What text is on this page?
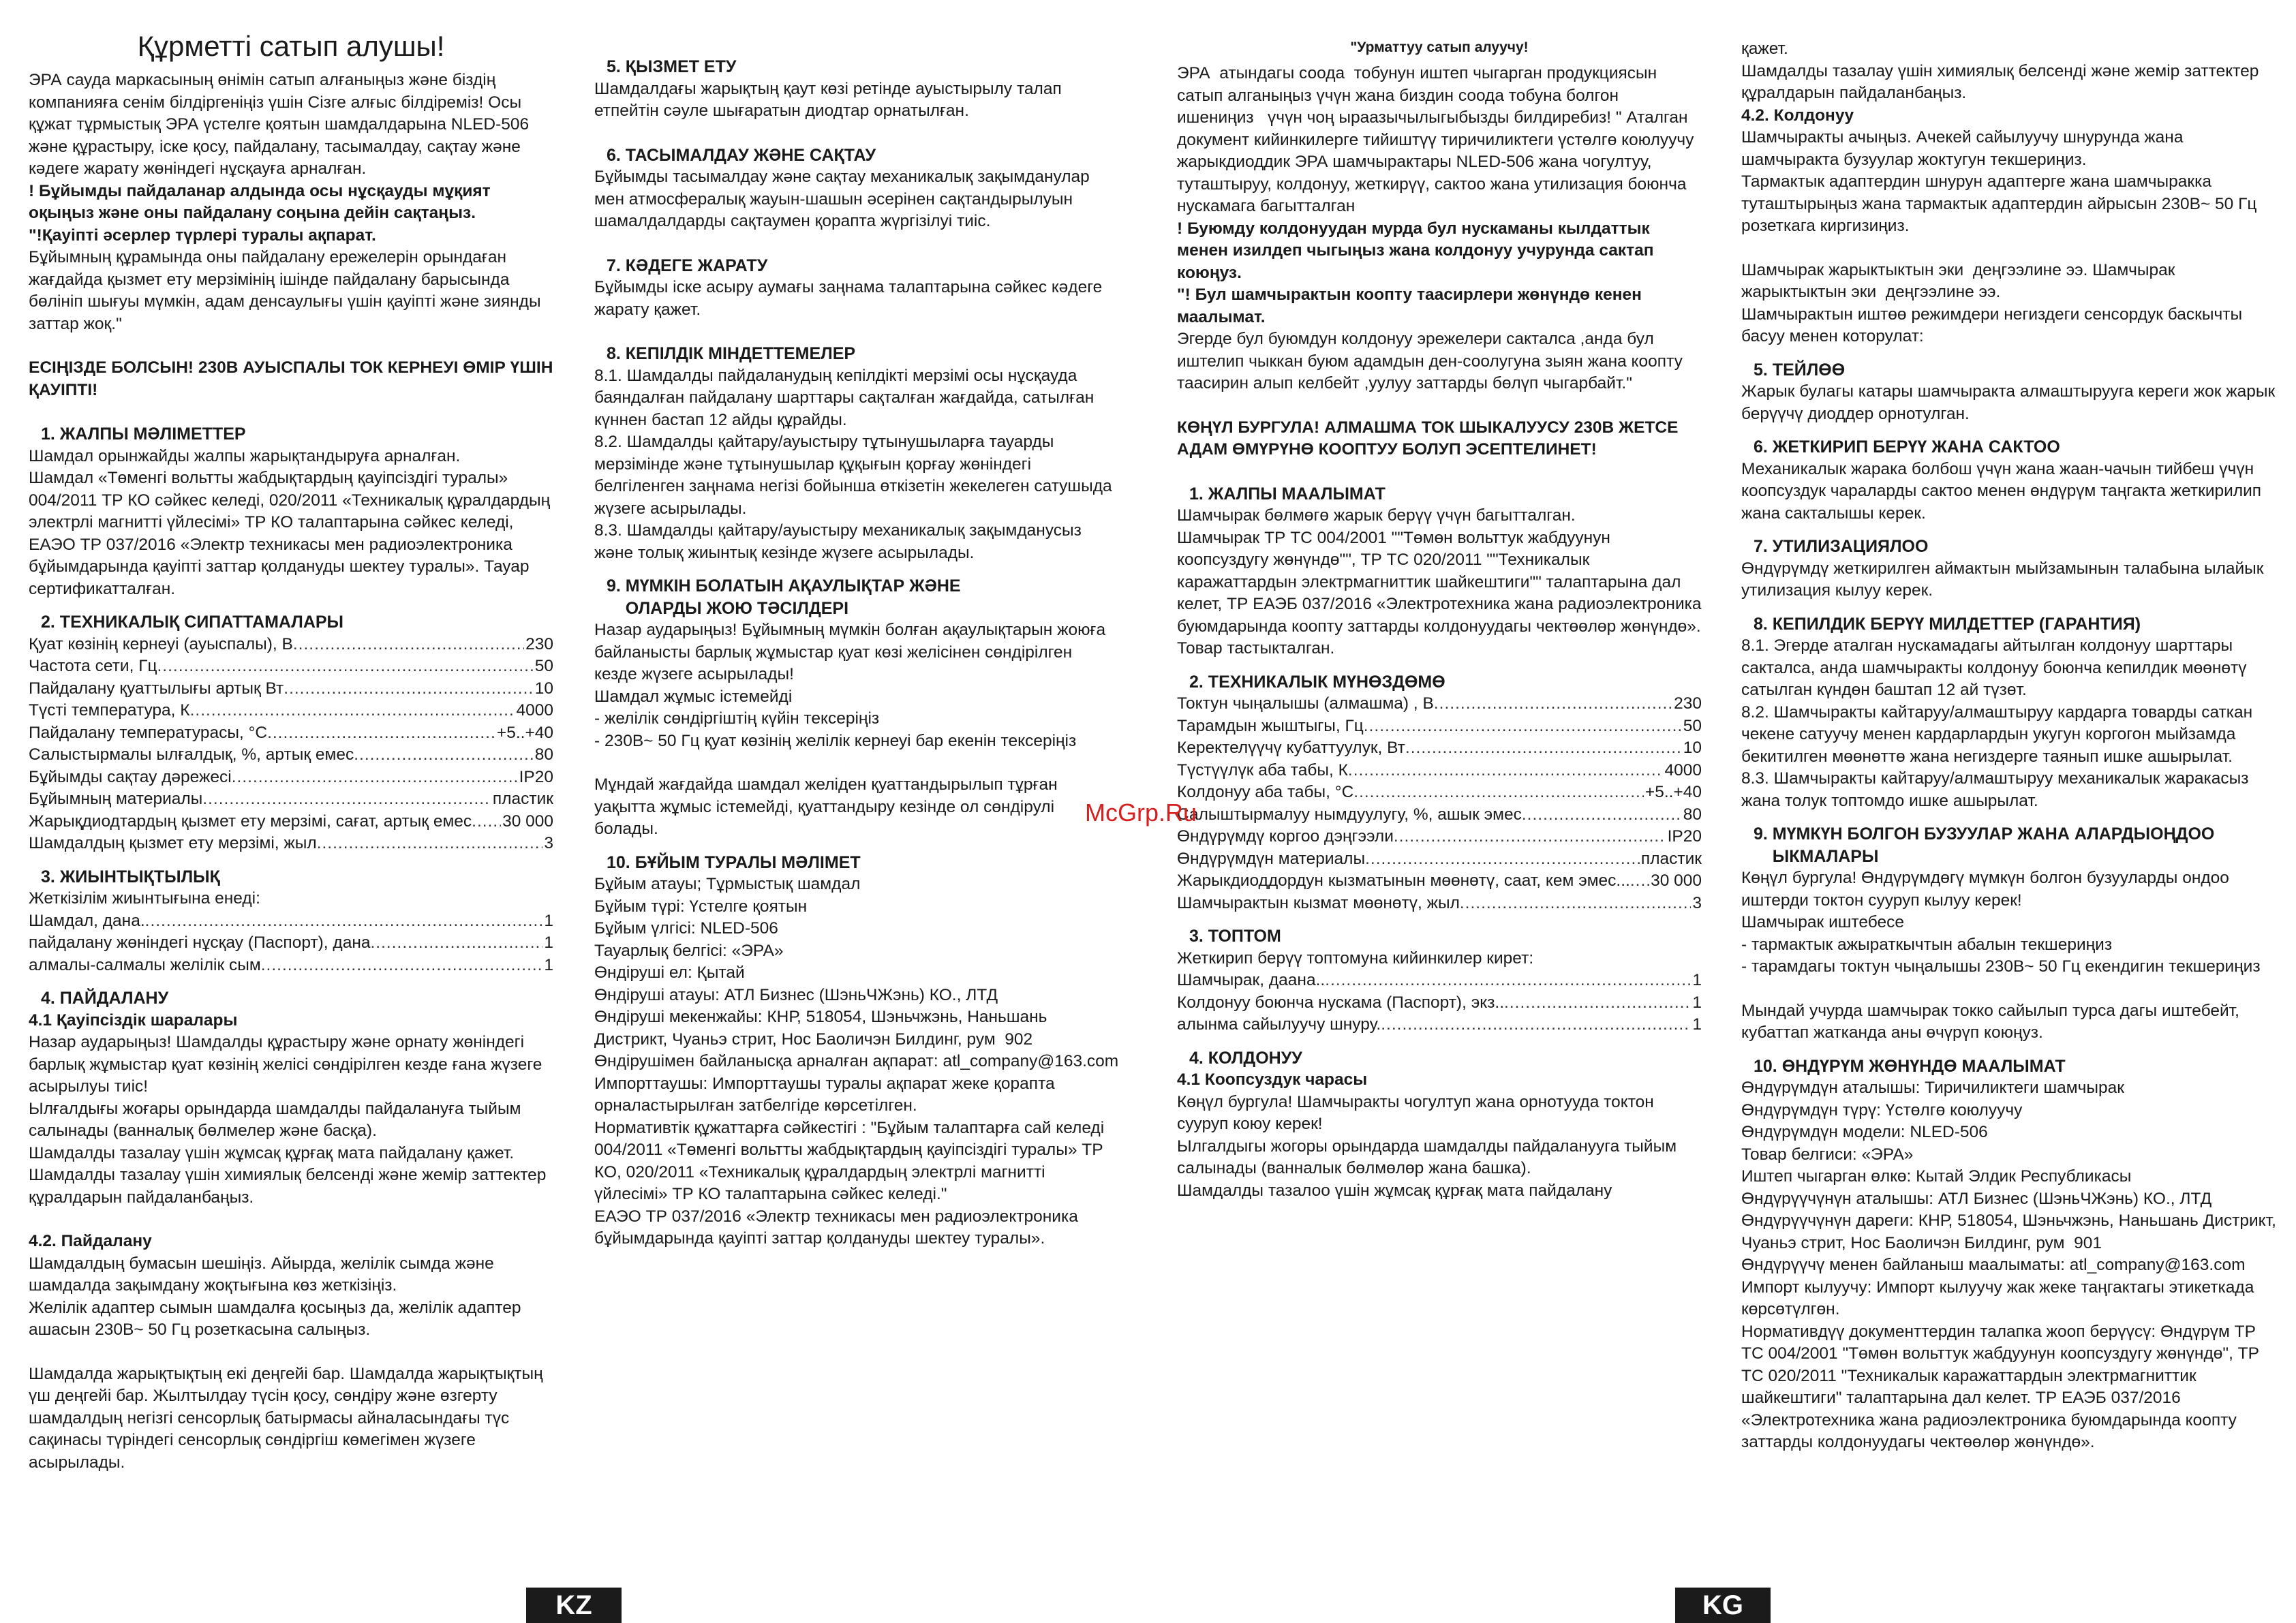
Құрметті сатып алушы!

ЭРА сауда маркасының өнімін сатып алғаныңыз және біздің компанияға сенім білдіргеніңіз үшін Сізге алғыс білдіреміз! Осы құжат тұрмыстық ЭРА үстелге қоятын шамдалдарына NLED-506 және құрастыру, іске қосу, пайдалану, тасымалдау, сақтау және кәдеге жарату жөніндегі нұсқауға арналған.

! Бұйымды пайдаланар алдында осы нұсқауды мұқият оқыңыз және оны пайдалану соңына дейін сақтаңыз.

"!Қауіпті әсерлер түрлері туралы ақпарат.

Бұйымның құрамында оны пайдалану ережелерін орындаған жағдайда қызмет ету мерзімінің ішінде пайдалану барысында бөлініп шығуы мүмкін, адам денсаулығы үшін қауіпті және зиянды заттар жоқ."

ЕСІҢІЗДЕ БОЛСЫН! 230В АУЫСПАЛЫ ТОК КЕРНЕУІ ӨМІР ҮШІН ҚАУІПТІ!

1. ЖАЛПЫ МӘЛІМЕТТЕР

Шамдал орынжайды жалпы жарықтандыруға арналған.
Шамдал «Төменгі вольтты жабдықтардың қауіпсіздігі туралы» 004/2011 ТР КО сәйкес келеді, 020/2011 «Техникалық құралдардың электрлі магнитті үйлесімі» ТР КО талаптарына сәйкес келеді, ЕАЭО ТР 037/2016 «Электр техникасы мен радиоэлектроника бұйымдарында қауіпті заттар қолдануды шектеу туралы». Тауар сертификатталған.

2. ТЕХНИКАЛЫҚ СИПАТТАМАЛАРЫ

Қуат көзінің кернеуі (ауыспалы), В .....	230
Частота сети, Гц .....	50
Пайдалану қуаттылығы артық Вт .....	10
Түсті температура, К .....	4000
Пайдалану температурасы, °С .....	+5..+40
Салыстырмалы ылғалдық, %, артық емес .....	80
Бұйымды сақтау дәрежесі .....	IP20
Бұйымның материалы .....	пластик
Жарықдиодтардың қызмет ету мерзімі, сағат, артық емес ..... 30 000
Шамдалдың қызмет ету мерзімі, жыл .....	3

3. ЖИЫНТЫҚТЫЛЫҚ

Жеткізілім жиынтығына енеді:

Шамдал, дана. .....	1
пайдалану жөніндегі нұсқау (Паспорт), дана .....	1
алмалы-салмалы желілік сым .....	1

4. ПАЙДАЛАНУ

4.1 Қауіпсіздік шаралары

Назар аударыңыз! Шамдалды құрастыру және орнату жөніндегі барлық жұмыстар қуат көзінің желісі сөндірілген кезде ғана жүзеге асырылуы тиіс!
Ылғалдығы жоғары орындарда шамдалды пайдалануға тыйым салынады (ванналық бөлмелер және басқа).
Шамдалды тазалау үшін жұмсақ құрғақ мата пайдалану қажет. Шамдалды тазалау үшін химиялық белсенді және жемір заттектер құралдарын пайдаланбаңыз.

4.2. Пайдалану

Шамдалдың бумасын шешіңіз. Айырда, желілік сымда және шамдалда зақымдану жоқтығына көз жеткізіңіз.
Желілік адаптер сымын шамдалға қосыңыз да, желілік адаптер ашасын 230В~ 50 Гц розеткасына салыңыз.

Шамдалда жарықтықтың екі деңгейі бар. Шамдалда жарықтықтың үш деңгейі бар. Жылтылдау түсін қосу, сөндіру және өзгерту шамдалдың негізгі сенсорлық батырмасы айналасындағы түс сақинасы түріндегі сенсорлық сөндіргіш көмегімен жүзеге асырылады.

5. ҚЫЗМЕТ ЕТУ

Шамдалдағы жарықтың қаут көзі ретінде ауыстырылу талап етпейтін сәуле шығаратын диодтар орнатылған.

6. ТАСЫМАЛДАУ ЖӘНЕ САҚТАУ

Бұйымды тасымалдау және сақтау механикалық зақымданулар мен атмосфералық жауын-шашын әсерінен сақтандырылуын шамалдалдарды сақтаумен қорапта жүргізілуі тиіс.

7. КӘДЕГЕ ЖАРАТУ

Бұйымды іске асыру аумағы заңнама талаптарына сәйкес кәдеге жарату қажет.

8. КЕПІЛДІК МІНДЕТТЕМЕЛЕР

8.1. Шамдалды пайдаланудың кепілдікті мерзімі осы нұсқауда баяндалған пайдалану шарттары сақталған жағдайда, сатылған күннен бастап 12 айды құрайды.
8.2. Шамдалды қайтару/ауыстыру тұтынушыларға тауарды мерзімінде және тұтынушылар құқығын қорғау жөніндегі белгіленген заңнама негізі бойынша өткізетін жекелеген сатушыда жүзеге асырылады.
8.3. Шамдалды қайтару/ауыстыру механикалық зақымданусыз және толық жиынтық кезінде жүзеге асырылады.

9. МҮМКІН БОЛАТЫН АҚАУЛЫҚТАР ЖӘНЕ
ОЛАРДЫ ЖОЮ ТӘСІЛДЕРІ

Назар аударыңыз! Бұйымның мүмкін болған ақаулықтарын жоюға байланысты барлық жұмыстар қуат көзі желісінен сөндірілген кезде жүзеге асырылады!
Шамдал жұмыс істемейді
- желілік сөндіргіштің күйін тексеріңіз
- 230В~ 50 Гц қуат көзінің желілік кернеуі бар екенін тексеріңіз

Мұндай жағдайда шамдал желіден қуаттандырылып тұрған уақытта жұмыс істемейді, қуаттандыру кезінде ол сөндірулі болады.

10. БҰЙЫМ ТУРАЛЫ МӘЛІМЕТ

Бұйым атауы; Тұрмыстық шамдал
Бұйым түрі: Үстелге қоятын
Бұйым үлгісі: NLED-506
Тауарлық белгісі: «ЭРА»
Өндіруші ел: Қытай
Өндіруші атауы: АТЛ Бизнес (ШэньЧЖэнь) КО., ЛТД
Өндіруші мекенжайы: КНР, 518054, Шэньчжэнь, Наньшань Дистрикт, Чуаньэ стрит, Нос Баоличэн Билдинг, рум  902
Өндірушімен байланысқа арналған ақпарат: atl_company@163.com
Импорттаушы: Импорттаушы туралы ақпарат жеке қорапта орналастырылған затбелгіде көрсетілген.
Нормативтік құжаттарға сәйкестігі : "Бұйым талаптарға сай келеді 004/2011 «Төменгі вольтты жабдықтардың қауіпсіздігі туралы» ТР КО, 020/2011 «Техникалық құралдардың электрлі магнитті үйлесімі» ТР КО талаптарына сәйкес келеді."
ЕАЭО ТР 037/2016 «Электр техникасы мен радиоэлектроника бұйымдарында қауіпті заттар қолдануды шектеу туралы».

"Урматтуу сатып алуучу!

ЭРА  атындагы соода  тобунун иштеп чыгарган продукциясын сатып алганыңыз үчүн жана биздин соода тобуна болгон  ишениңиз   үчүн чоң ыраазычылыгыбызды билдиребиз! " Аталган документ кийинкилерге тийиштүү тиричиликтеги үстөлгө коюлуучу жарыкдиоддик ЭРА шамчырактары NLED-506 жана чогултуу, туташтыруу, колдонуу, жеткирүү, сактоо жана утилизация боюнча нускамага багытталган

! Буюмду колдонуудан мурда бул нускаманы кылдаттык менен изилдеп чыгыңыз жана колдонуу учурунда сактап коюңуз.

"! Бул шамчырактын коопту таасирлери жөнүндө кенен маалымат.

Эгерде бул буюмдун колдонуу эрежелери сакталса ,анда бул иштелип чыккан буюм адамдын ден-соолугуна зыян жана коопту   таасирин алып келбейт ,уулуу заттарды бөлүп чыгарбайт."

КӨҢҮЛ БУРГУЛА! АЛМАШМА ТОК ШЫКАЛУУСУ 230В ЖЕТСЕ АДАМ ӨМҮРҮНӨ КООПТУУ БОЛУП ЭСЕПТЕЛИНЕТ!

1. ЖАЛПЫ МААЛЫМАТ

Шамчырак бөлмөгө жарык берүү үчүн багытталган.
Шамчырак ТР ТС 004/2001 ""Төмөн вольттук жабдуунун коопсуздугу жөнүндө"", ТР ТС 020/2011 ""Техникалык каражаттардын электрмагниттик шайкештиги"" талаптарына дал келет, ТР ЕАЭБ 037/2016 «Электротехника жана радиоэлектроника буюмдарында коопту заттарды колдонуудагы чектөөлөр жөнүндө».
Товар тастыкталган.

2. ТЕХНИКАЛЫК МҮНӨЗДӨМӨ

Токтун чыңалышы (алмашма) , В .....	230
Тарамдын жыштыгы, Гц .....	50
Керектелүүчү кубаттуулук, Вт .....	10
Түстүүлүк аба табы, К .....	4000
Колдонуу аба табы, °С .....	+5..+40
Салыштырмалуу нымдуулугу, %, ашык эмес .....	80
Өндүрүмдү коргоо дэңгээли .....	IP20
Өндүрүмдүн материалы .....	пластик
Жарыкдиоддордун кызматынын мөөнөтү, саат, кем эмес... ..... 30 000
Шамчырактын кызмат мөөнөтү, жыл .....	3

3. ТОПТОМ

Жеткирип берүү топтомуна кийинкилер кирет:

Шамчырак, даана.. .....	1
Колдонуу боюнча нускама (Паспорт), экз.. .....	1
алынма сайылуучу шнуру. .....	1

4. КОЛДОНУУ

4.1 Коопсуздук чарасы

Көңүл бургула! Шамчыракты чогултуп жана орнотууда токтон сууруп коюу керек!
Ылгалдыгы жогоры орындарда шамдалды пайдаланууга тыйым салынады (ванналык бөлмөлөр жана башка).
Шамдалды тазалоо үшін жұмсақ құрғақ мата пайдалану

қажет.
Шамдалды тазалау үшін химиялық белсенді және жемір заттектер құралдарын пайдаланбаңыз.

4.2. Колдонуу

Шамчыракты ачыңыз. Ачекей сайылуучу шнурунда жана шамчыракта бузуулар жоктугун текшериңиз.
Тармактык адаптердин шнурун адаптерге жана шамчыракка  туташтырыңыз жана тармактык адаптердин айрысын 230В~ 50 Гц розеткага киргизиңиз.

Шамчырак жарыктыктын эки  деңгээлине ээ. Шамчырак жарыктыктын эки  деңгээлине ээ.
Шамчырактын иштөө режимдери негиздеги сенсордук баскычты басуу менен которулат:

5. ТЕЙЛӨӨ

Жарык булагы катары шамчыракта алмаштырууга кереги жок жарык берүүчү диоддер орнотулган.

6. ЖЕТКИРИП БЕРҮҮ ЖАНА САКТОО

Механикалык жарака болбош үчүн жана жаан-чачын тийбеш үчүн коопсуздук чараларды сактоо менен өндүрүм таңгакта жеткирилип жана сакталышы керек.

7. УТИЛИЗАЦИЯЛОО

Өндүрүмдү жеткирилген аймактын мыйзамынын талабына ылайык утилизация кылуу керек.

8. КЕПИЛДИК БЕРҮҮ МИЛДЕТТЕР (ГАРАНТИЯ)

8.1. Эгерде аталган нускамадагы айтылган колдонуу шарттары сакталса, анда шамчыракты колдонуу боюнча кепилдик мөөнөтү сатылган күндөн баштап 12 ай түзөт.
8.2. Шамчыракты кайтаруу/алмаштыруу кардарга товарды саткан чекене сатуучу менен кардарлардын укугун коргогон мыйзамда бекитилген мөөнөттө жана негиздерге таянып ишке ашырылат.
8.3. Шамчыракты кайтаруу/алмаштыруу механикалык жаракасыз жана толук топтомдо ишке ашырылат.

9. МҮМКҮН БОЛГОН БУЗУУЛАР ЖАНА АЛАРДЫОҢДОО
ЫКМАЛАРЫ

Көңүл бургула! Өндүрүмдөгү мүмкүн болгон бузууларды ондоо иштерди токтон сууруп кылуу керек!
Шамчырак иштебесе
- тармактык ажыраткычтын абалын текшериңиз
- тарамдагы токтун чыңалышы 230В~ 50 Гц екендигин текшериңиз

Мындай учурда шамчырак токко сайылып турса дагы иштебейт, кубаттап жатканда аны өчүрүп коюңуз.

10. ӨНДҮРҮМ ЖӨНҮНДӨ МААЛЫМАТ

Өндүрүмдүн аталышы: Тиричиликтеги шамчырак
Өндүрүмдүн түрү: Үстөлгө коюлуучу
Өндүрүмдүн модели: NLED-506
Товар белгиси: «ЭРА»
Иштеп чыгарган өлкө: Кытай Элдик Республикасы
Өндүрүүчүнүн аталышы: АТЛ Бизнес (ШэньЧЖэнь) КО., ЛТД
Өндүрүүчүнүн дареги: КНР, 518054, Шэньчжэнь, Наньшань Дистрикт, Чуаньэ стрит, Нос Баоличэн Билдинг, рум  901
Өндүрүүчү менен байланыш маалыматы: atl_company@163.com
Импорт кылуучу: Импорт кылуучу жак жеке таңгактагы этикеткада көрсөтүлгөн.
Нормативдүү документтердин талапка жооп берүүсү: Өндүрүм ТР ТС 004/2001 "Төмөн вольттук жабдуунун коопсуздугу жөнүндө", ТР ТС 020/2011 "Техникалык каражаттардын электрмагниттик шайкештиги" талаптарына дал келет. ТР ЕАЭБ 037/2016 «Электротехника жана радиоэлектроника буюмдарында коопту заттарды колдонуудагы чектөөлөр жөнүндө».

McGrp.Ru
KZ	KG
